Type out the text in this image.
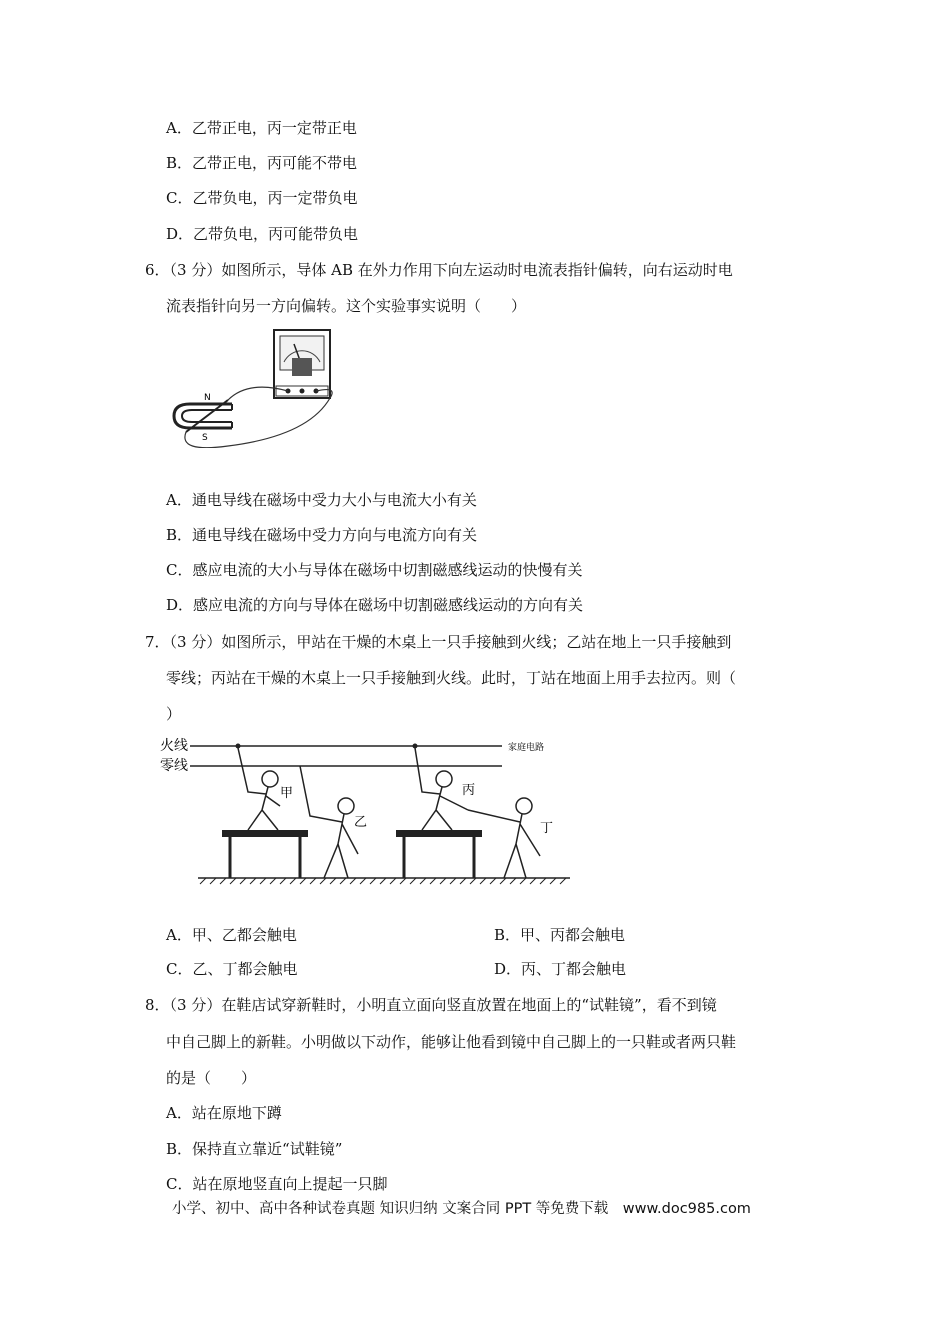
A．乙带正电，丙一定带正电
B．乙带正电，丙可能不带电
C．乙带负电，丙一定带负电
D．乙带负电，丙可能带负电
6．（3 分）如图所示，导体 AB 在外力作用下向左运动时电流表指针偏转，向右运动时电
流表指针向另一方向偏转。这个实验事实说明（　　）
N
S
A．通电导线在磁场中受力大小与电流大小有关
B．通电导线在磁场中受力方向与电流方向有关
C．感应电流的大小与导体在磁场中切割磁感线运动的快慢有关
D．感应电流的方向与导体在磁场中切割磁感线运动的方向有关
7．（3 分）如图所示，甲站在干燥的木桌上一只手接触到火线；乙站在地上一只手接触到
零线；丙站在干燥的木桌上一只手接触到火线。此时，丁站在地面上用手去拉丙。则（
）
火线
零线
家庭电路
甲
乙
丙
丁
A．甲、乙都会触电	B．甲、丙都会触电
C．乙、丁都会触电	D．丙、丁都会触电
8．（3 分）在鞋店试穿新鞋时，小明直立面向竖直放置在地面上的“试鞋镜”，看不到镜
中自己脚上的新鞋。小明做以下动作，能够让他看到镜中自己脚上的一只鞋或者两只鞋
的是（　　）
A．站在原地下蹲
B．保持直立靠近“试鞋镜”
C．站在原地竖直向上提起一只脚
小学、初中、高中各种试卷真题 知识归纳 文案合同 PPT 等免费下载　www.doc985.com
